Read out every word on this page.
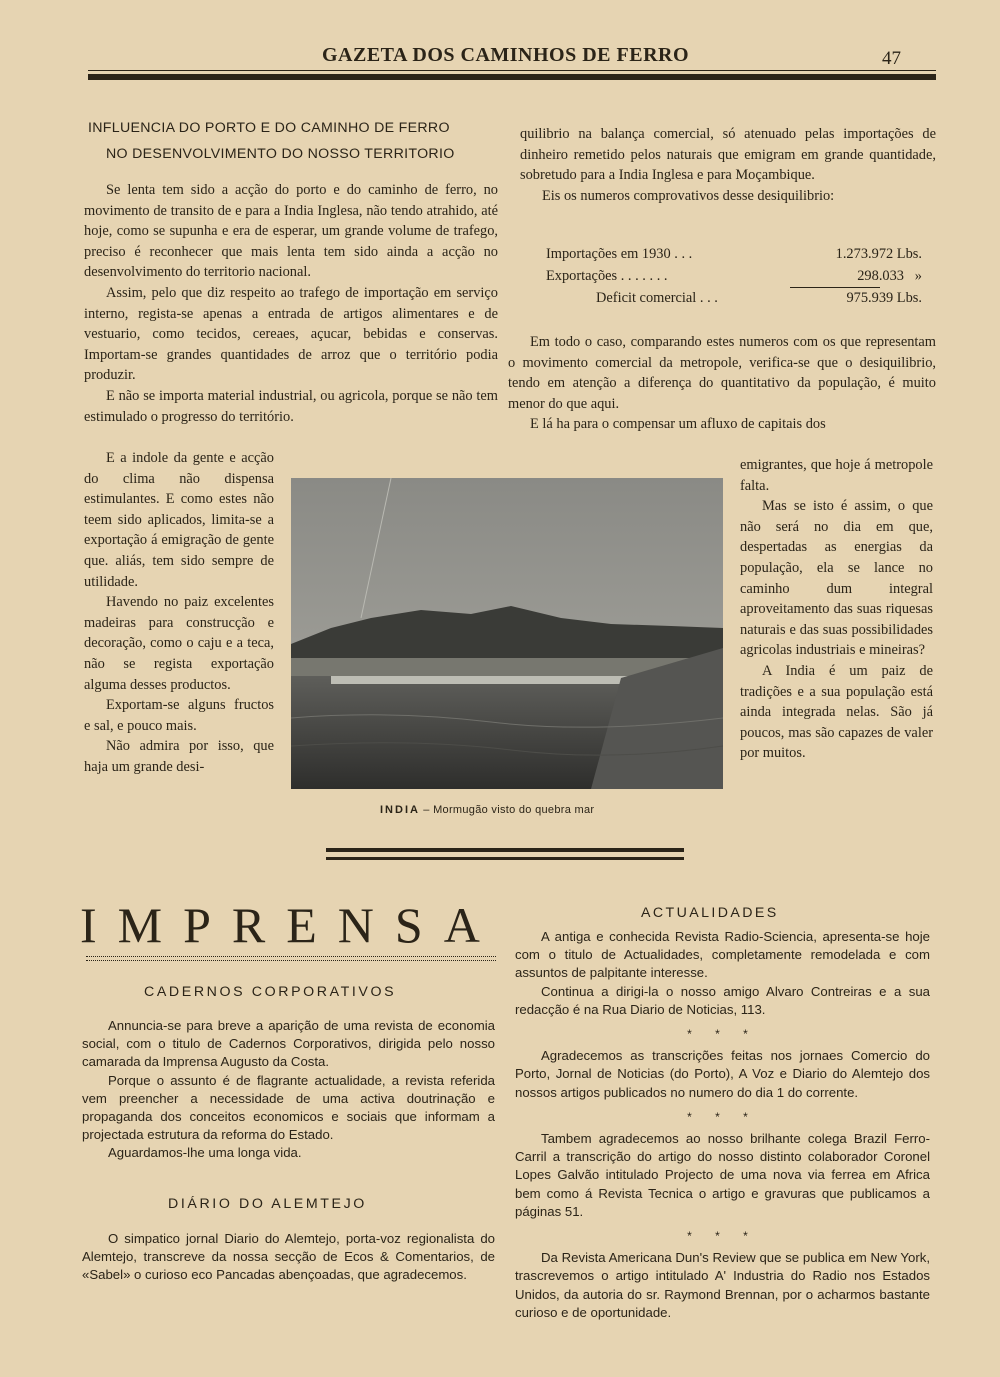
GAZETA DOS CAMINHOS DE FERRO	47
INFLUENCIA DO PORTO E DO CAMINHO DE FERRO
NO DESENVOLVIMENTO DO NOSSO TERRITORIO

Se lenta tem sido a acção do porto e do caminho de ferro, no movimento de transito de e para a India Inglesa, não tendo atrahido, até hoje, como se supunha e era de esperar, um grande volume de trafego, preciso é reconhecer que mais lenta tem sido ainda a acção no desenvolvimento do territorio nacional.

Assim, pelo que diz respeito ao trafego de importação em serviço interno, regista-se apenas a entrada de artigos alimentares e de vestuario, como tecidos, cereaes, açucar, bebidas e conservas. Importam-se grandes quantidades de arroz que o território podia produzir.

E não se importa material industrial, ou agricola, porque se não tem estimulado o progresso do território.

E a indole da gente e acção do clima não dispensa estimulantes. E como estes não teem sido aplicados, limita-se a exportação á emigração de gente que. aliás, tem sido sempre de utilidade.

Havendo no paiz excelentes madeiras para construcção e decoração, como o caju e a teca, não se regista exportação alguma desses productos.

Exportam-se alguns fructos e sal, e pouco mais.

Não admira por isso, que haja um grande desi-

quilibrio na balança comercial, só atenuado pelas importações de dinheiro remetido pelos naturais que emigram em grande quantidade, sobretudo para a India Inglesa e para Moçambique.

Eis os numeros comprovativos desse desiquilibrio:

Importações em 1930 . . .	1.273.972 Lbs.
Exportações . . . . . . .	298.033   »
Deficit comercial . . .	975.939 Lbs.

Em todo o caso, comparando estes numeros com os que representam o movimento comercial da metropole, verifica-se que o desiquilibrio, tendo em atenção a diferença do quantitativo da população, é muito menor do que aqui.

E lá ha para o compensar um afluxo de capitais dos

emigrantes, que hoje á metropole falta.

Mas se isto é assim, o que não será no dia em que, despertadas as energias da população, ela se lance no caminho dum integral aproveitamento das suas riquesas naturais e das suas possibilidades agricolas industriais e mineiras?

A India é um paiz de tradições e a sua população está ainda integrada nelas. São já poucos, mas são capazes de valer por muitos.

INDIA – Mormugão visto do quebra mar
IMPRENSA
CADERNOS CORPORATIVOS

Annuncia-se para breve a aparição de uma revista de economia social, com o titulo de Cadernos Corporativos, dirigida pelo nosso camarada da Imprensa Augusto da Costa.

Porque o assunto é de flagrante actualidade, a revista referida vem preencher a necessidade de uma activa doutrinação e propaganda dos conceitos economicos e sociais que informam a projectada estrutura da reforma do Estado.

Aguardamos-lhe uma longa vida.

DIÁRIO DO ALEMTEJO

O simpatico jornal Diario do Alemtejo, porta-voz regionalista do Alemtejo, transcreve da nossa secção de Ecos & Comentarios, de «Sabel» o curioso eco Pancadas abençoadas, que agradecemos.

ACTUALIDADES

A antiga e conhecida Revista Radio-Sciencia, apresenta-se hoje com o titulo de Actualidades, completamente remodelada e com assuntos de palpitante interesse.

Continua a dirigi-la o nosso amigo Alvaro Contreiras e a sua redacção é na Rua Diario de Noticias, 113.

* * *

Agradecemos as transcrições feitas nos jornaes Comercio do Porto, Jornal de Noticias (do Porto), A Voz e Diario do Alemtejo dos nossos artigos publicados no numero do dia 1 do corrente.

* * *

Tambem agradecemos ao nosso brilhante colega Brazil Ferro-Carril a transcrição do artigo do nosso distinto colaborador Coronel Lopes Galvão intitulado Projecto de uma nova via ferrea em Africa bem como á Revista Tecnica o artigo e gravuras que publicamos a páginas 51.

* * *

Da Revista Americana Dun's Review que se publica em New York, trascrevemos o artigo intitulado A' Industria do Radio nos Estados Unidos, da autoria do sr. Raymond Brennan, por o acharmos bastante curioso e de oportunidade.
